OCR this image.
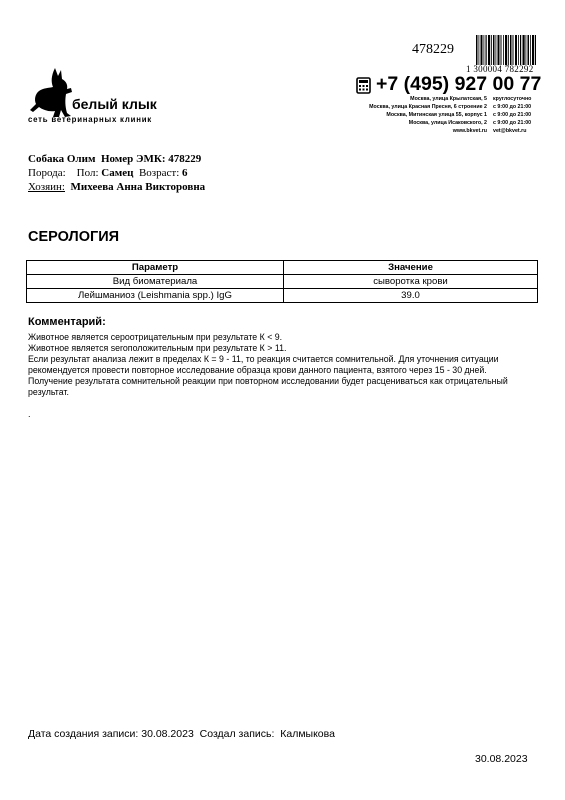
478229
1 300004 782292
белый клык
сеть ветеринарных клиник
+7 (495) 927 00 77
Москва, улица Крылатская, 5	круглосуточно
Москва, улица Красная Пресня, 6 строение 2	с 9:00 до 21:00
Москва, Митинская улица 55, корпус 1	с 9:00 до 21:00
Москва, улица Исаковского, 2	с 9:00 до 21:00
www.bkvet.ru	vet@bkvet.ru
Собака Олим Номер ЭМК: 478229
Порода: Пол: Самец Возраст: 6
Хозяин: Михеева Анна Викторовна
СЕРОЛОГИЯ
Параметр	Значение
Вид биоматериала	сыворотка крови
Лейшманиоз (Leishmania spp.) IgG	39.0
Комментарий:

Животное является сероотрицательным при результате К < 9.

Животное является seroположительным при результате К > 11.

Если результат анализа лежит в пределах К = 9 - 11, то реакция считается сомнительной. Для уточнения ситуации рекомендуется провести повторное исследование образца крови данного пациента, взятого через 15 - 30 дней.

Получение результата сомнительной реакции при повторном исследовании будет расцениваться как отрицательный результат.

.
Дата создания записи: 30.08.2023 Создал запись: Калмыкова
30.08.2023
